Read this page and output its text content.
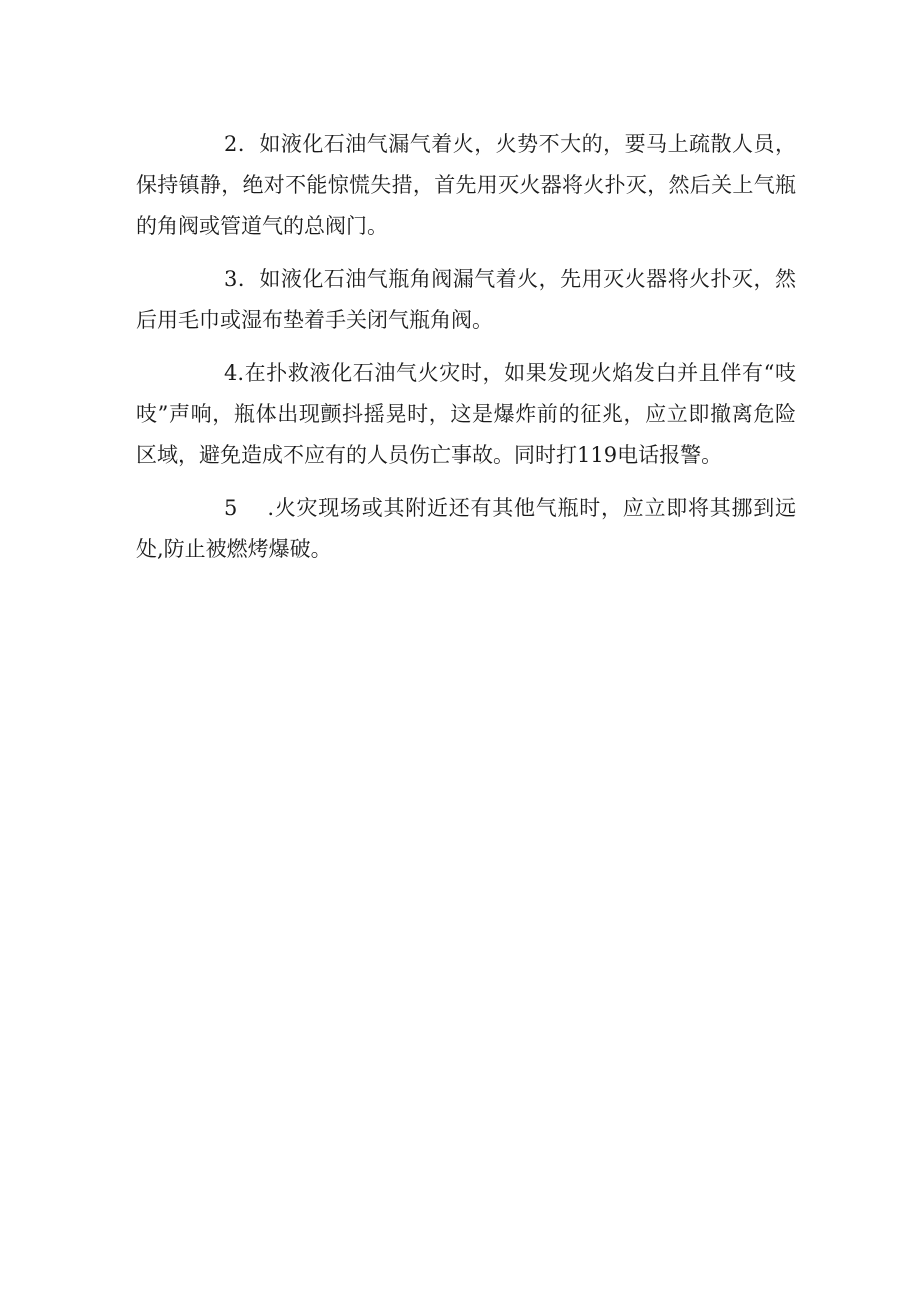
2．如液化石油气漏气着火，火势不大的，要马上疏散人员，保持镇静，绝对不能惊慌失措，首先用灭火器将火扑灭，然后关上气瓶的角阀或管道气的总阀门。

3．如液化石油气瓶角阀漏气着火，先用灭火器将火扑灭，然后用毛巾或湿布垫着手关闭气瓶角阀。

4.在扑救液化石油气火灾时，如果发现火焰发白并且伴有“吱吱”声响，瓶体出现颤抖摇晃时，这是爆炸前的征兆，应立即撤离危险区域，避免造成不应有的人员伤亡事故。同时打119电话报警。

5 .火灾现场或其附近还有其他气瓶时，应立即将其挪到远处,防止被燃烤爆破。
